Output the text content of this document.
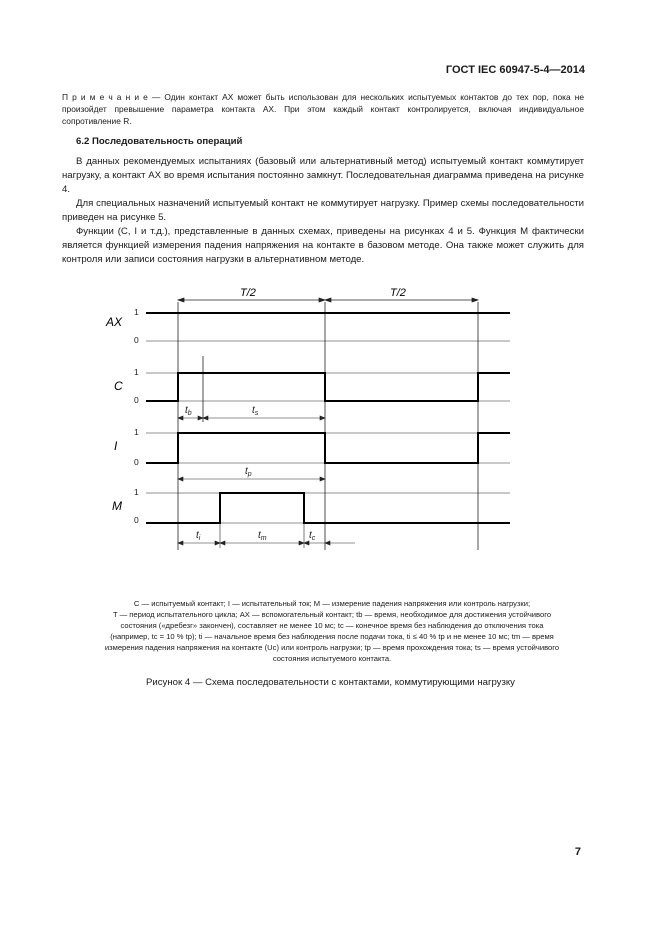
ГОСТ IEC 60947-5-4—2014
П р и м е ч а н и е — Один контакт AX может быть использован для нескольких испытуемых контактов до тех пор, пока не произойдет превышение параметра контакта AX. При этом каждый контакт контролируется, включая индивидуальное сопротивление R.
6.2 Последовательность операций
В данных рекомендуемых испытаниях (базовый или альтернативный метод) испытуемый контакт коммутирует нагрузку, а контакт AX во время испытания постоянно замкнут. Последовательная диаграмма приведена на рисунке 4.
Для специальных назначений испытуемый контакт не коммутирует нагрузку. Пример схемы последовательности приведен на рисунке 5.
Функции (C, I и т.д.), представленные в данных схемах, приведены на рисунках 4 и 5. Функция M фактически является функцией измерения падения напряжения на контакте в базовом методе. Она также может служить для контроля или записи состояния нагрузки в альтернативном методе.
T/2	T/2
AX
C
I
M
1
0
1
0
1
0
1
0
$t_b$	$t_s$
$t_p$
$t_i$	$t_m$	$t_c$
C — испытуемый контакт; I — испытательный ток; M — измерение падения напряжения или контроль нагрузки;
T — период испытательного цикла; AX — вспомогательный контакт; tb — время, необходимое для достижения устойчивого
состояния («дребезг» закончен), составляет не менее 10 мс; tc — конечное время без наблюдения до отключения тока
(например, tc = 10 % tp); ti — начальное время без наблюдения после подачи тока, ti ≤ 40 % tp и не менее 10 мс; tm — время
измерения падения напряжения на контакте (Uc) или контроль нагрузки; tp — время прохождения тока; ts — время устойчивого
состояния испытуемого контакта.
Рисунок 4 — Схема последовательности с контактами, коммутирующими нагрузку
7
